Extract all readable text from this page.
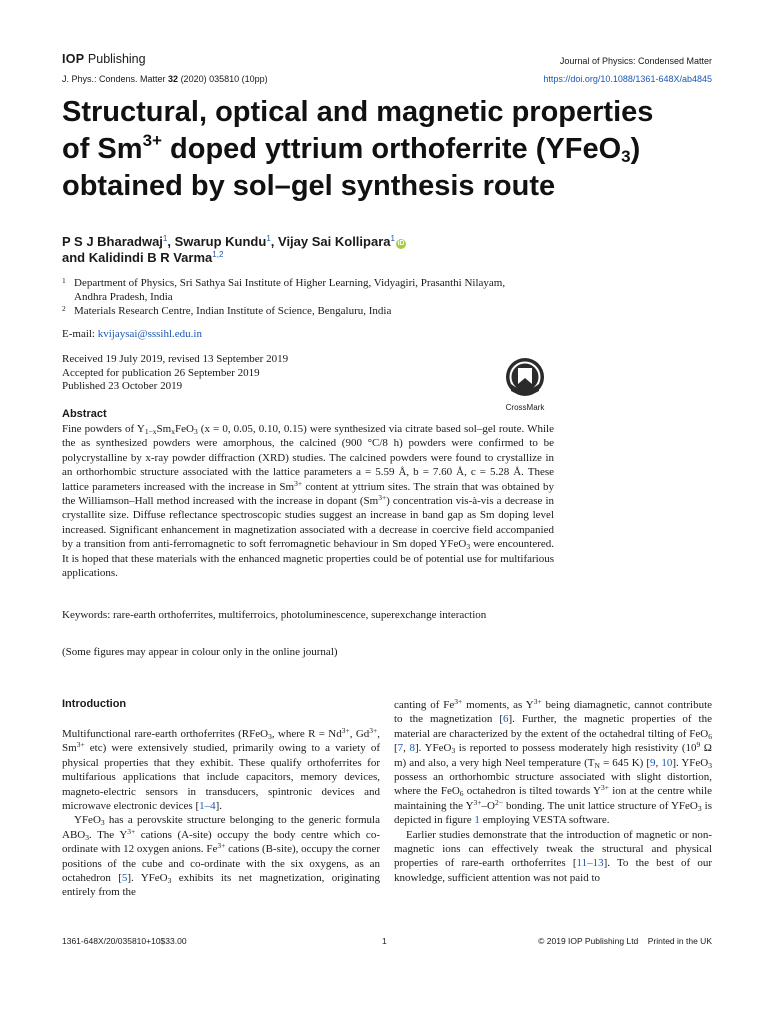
IOP Publishing	Journal of Physics: Condensed Matter
J. Phys.: Condens. Matter 32 (2020) 035810 (10pp)	https://doi.org/10.1088/1361-648X/ab4845
Structural, optical and magnetic properties
of $Sm^{3+}$ doped yttrium orthoferrite (YFeO$_3$)
obtained by sol–gel synthesis route
P S J Bharadwaj$^1$, Swarup Kundu$^1$, Vijay Sai Kollipara$^1$iD
and Kalidindi B R Varma$^{1,2}$
1 Department of Physics, Sri Sathya Sai Institute of Higher Learning, Vidyagiri, Prasanthi Nilayam, Andhra Pradesh, India
2 Materials Research Centre, Indian Institute of Science, Bengaluru, India
E-mail: kvijaysai@sssihl.edu.in
Received 19 July 2019, revised 13 September 2019
Accepted for publication 26 September 2019
Published 23 October 2019
CrossMark
Abstract
Fine powders of $Y_{1-x}Sm_xFeO_3$ (x = 0, 0.05, 0.10, 0.15) were synthesized via citrate based sol–gel route. While the as synthesized powders were amorphous, the calcined (900 °C/8 h) powders were confirmed to be polycrystalline by x-ray powder diffraction (XRD) studies. The calcined powders were found to crystallize in an orthorhombic structure associated with the lattice parameters a = 5.59 Å, b = 7.60 Å, c = 5.28 Å. These lattice parameters increased with the increase in $Sm^{3+}$ content at yttrium sites. The strain that was obtained by the Williamson–Hall method increased with the increase in dopant $(Sm^{3+})$ concentration vis-à-vis a decrease in crystallite size. Diffuse reflectance spectroscopic studies suggest an increase in band gap as Sm doping level increased. Significant enhancement in magnetization associated with a decrease in coercive field accompanied by a transition from anti-ferromagnetic to soft ferromagnetic behaviour in Sm doped YFeO$_3$ were encountered. It is hoped that these materials with the enhanced magnetic properties could be of potential use for multifarious applications.
Keywords: rare-earth orthoferrites, multiferroics, photoluminescence, superexchange interaction
(Some figures may appear in colour only in the online journal)
Introduction

Multifunctional rare-earth orthoferrites (RFeO$_3$, where $R = Nd^{3+}$, $Gd^{3+}$, $Sm^{3+}$ etc) were extensively studied, primarily owing to a variety of physical properties that they exhibit. These qualify orthoferrites for multifarious applications that include capacitors, memory devices, magneto-electric sensors in transducers, spintronic devices and microwave electronic devices [1–4].

YFeO$_3$ has a perovskite structure belonging to the generic formula $ABO_3$. The $Y^{3+}$ cations (A-site) occupy the body centre which co-ordinate with 12 oxygen anions. $Fe^{3+}$ cations (B-site), occupy the corner positions of the cube and co-ordinate with the six oxygens, as an octahedron [5]. YFeO$_3$ exhibits its net magnetization, originating entirely from the

canting of $Fe^{3+}$ moments, as $Y^{3+}$ being diamagnetic, cannot contribute to the magnetization [6]. Further, the magnetic properties of the material are characterized by the extent of the octahedral tilting of FeO$_6$ [7, 8]. YFeO$_3$ is reported to possess moderately high resistivity ($10^9$ Ω m) and also, a very high Neel temperature ($T_N = 645$ K) [9, 10]. YFeO$_3$ possess an orthorhombic structure associated with slight distortion, where the FeO$_6$ octahedron is tilted towards $Y^{3+}$ ion at the centre while maintaining the $Y^{3+}-O^{2-}$ bonding. The unit lattice structure of YFeO$_3$ is depicted in figure 1 employing VESTA software.

Earlier studies demonstrate that the introduction of magnetic or non-magnetic ions can effectively tweak the structural and physical properties of rare-earth orthoferrites [11–13]. To the best of our knowledge, sufficient attention was not paid to

1361-648X/20/035810+10$33.00	1	© 2019 IOP Publishing Ltd    Printed in the UK
